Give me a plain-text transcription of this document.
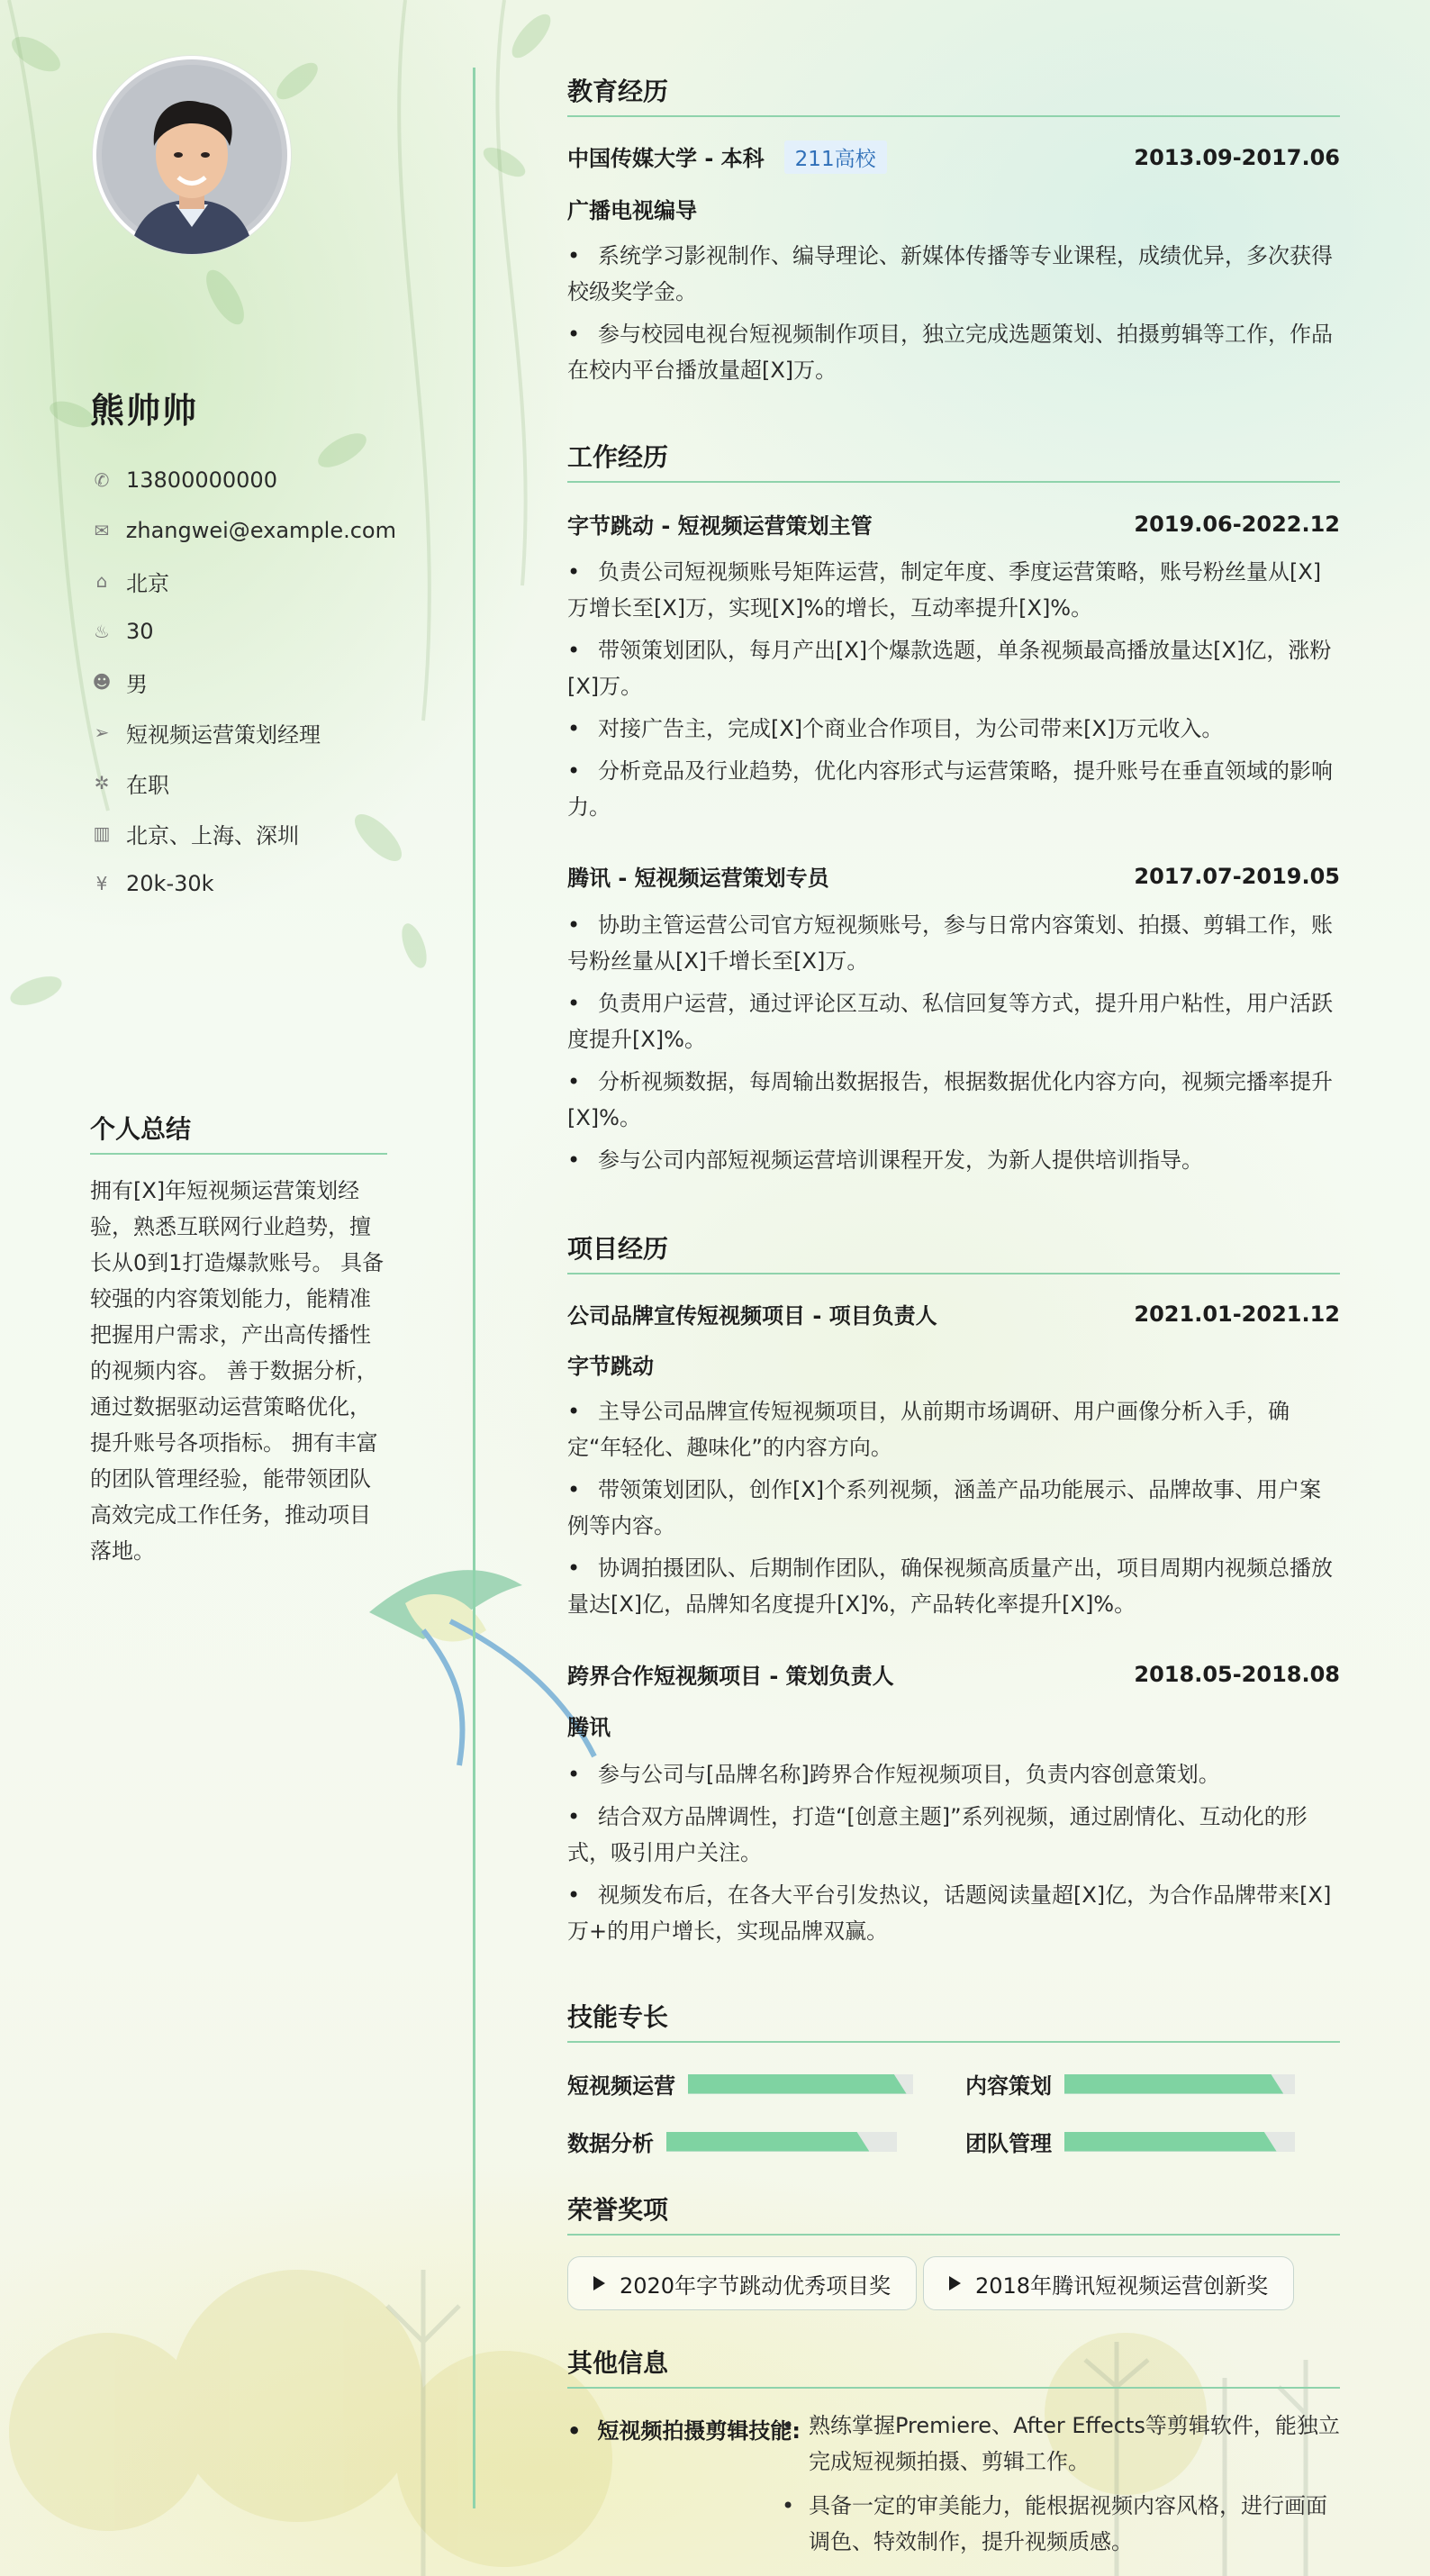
熊帅帅
✆ 13800000000
✉ zhangwei@example.com
⌂ 北京
♨ 30
☻ 男
➢ 短视频运营策划经理
✲ 在职
▥ 北京、上海、深圳
¥ 20k-30k
个人总结
拥有[X]年短视频运营策划经验，熟悉互联网行业趋势，擅长从0到1打造爆款账号。 具备较强的内容策划能力，能精准把握用户需求，产出高传播性的视频内容。 善于数据分析，通过数据驱动运营策略优化，提升账号各项指标。 拥有丰富的团队管理经验，能带领团队高效完成工作任务，推动项目落地。
教育经历
中国传媒大学 - 本科 211高校	2013.09-2017.06
广播电视编导
• 系统学习影视制作、编导理论、新媒体传播等专业课程，成绩优异，多次获得校级奖学金。
• 参与校园电视台短视频制作项目，独立完成选题策划、拍摄剪辑等工作，作品在校内平台播放量超[X]万。
工作经历
字节跳动 - 短视频运营策划主管	2019.06-2022.12
• 负责公司短视频账号矩阵运营，制定年度、季度运营策略，账号粉丝量从[X]万增长至[X]万，实现[X]%的增长，互动率提升[X]%。
• 带领策划团队，每月产出[X]个爆款选题，单条视频最高播放量达[X]亿，涨粉[X]万。
• 对接广告主，完成[X]个商业合作项目，为公司带来[X]万元收入。
• 分析竞品及行业趋势，优化内容形式与运营策略，提升账号在垂直领域的影响力。
腾讯 - 短视频运营策划专员	2017.07-2019.05
• 协助主管运营公司官方短视频账号，参与日常内容策划、拍摄、剪辑工作，账号粉丝量从[X]千增长至[X]万。
• 负责用户运营，通过评论区互动、私信回复等方式，提升用户粘性，用户活跃度提升[X]%。
• 分析视频数据，每周输出数据报告，根据数据优化内容方向，视频完播率提升[X]%。
• 参与公司内部短视频运营培训课程开发，为新人提供培训指导。
项目经历
公司品牌宣传短视频项目 - 项目负责人	2021.01-2021.12
字节跳动
• 主导公司品牌宣传短视频项目，从前期市场调研、用户画像分析入手，确定“年轻化、趣味化”的内容方向。
• 带领策划团队，创作[X]个系列视频，涵盖产品功能展示、品牌故事、用户案例等内容。
• 协调拍摄团队、后期制作团队，确保视频高质量产出，项目周期内视频总播放量达[X]亿，品牌知名度提升[X]%，产品转化率提升[X]%。
跨界合作短视频项目 - 策划负责人	2018.05-2018.08
腾讯
• 参与公司与[品牌名称]跨界合作短视频项目，负责内容创意策划。
• 结合双方品牌调性，打造“[创意主题]”系列视频，通过剧情化、互动化的形式，吸引用户关注。
• 视频发布后，在各大平台引发热议，话题阅读量超[X]亿，为合作品牌带来[X]万+的用户增长，实现品牌双赢。
技能专长
短视频运营	内容策划
数据分析	团队管理
荣誉奖项
2020年字节跳动优秀项目奖	2018年腾讯短视频运营创新奖
其他信息
• 短视频拍摄剪辑技能:
• 熟练掌握Premiere、After Effects等剪辑软件，能独立完成短视频拍摄、剪辑工作。
• 具备一定的审美能力，能根据视频内容风格，进行画面调色、特效制作，提升视频质感。
